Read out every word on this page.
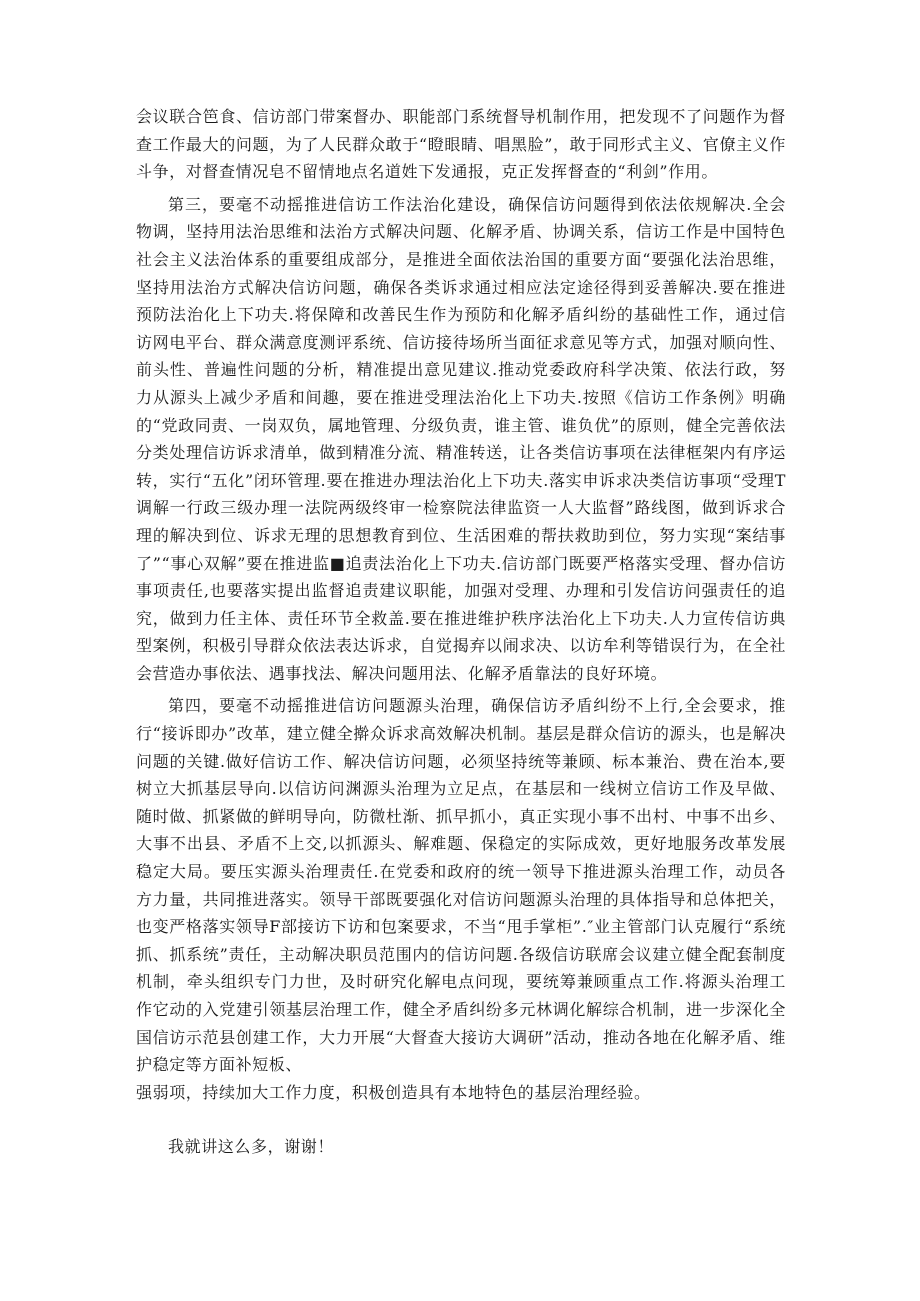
会议联合笆食、信访部门带案督办、职能部门系统督导机制作用，把发现不了问题作为督查工作最大的问题，为了人民群众敢于“瞪眼睛、唱黑脸”，敢于同形式主义、官僚主义作斗争，对督查情况皂不留情地点名道姓下发通报，克正发挥督查的“利剑”作用。

第三，要毫不动摇推进信访工作法治化建设，确保信访问题得到依法依规解决.全会物调，坚持用法治思维和法治方式解决问题、化解矛盾、协调关系，信访工作是中国特色社会主义法治体系的重要组成部分，是推进全面依法治国的重要方面“要强化法治思维，坚持用法治方式解决信访问题，确保各类诉求通过相应法定途径得到妥善解决.要在推进预防法治化上下功夫.将保障和改善民生作为预防和化解矛盾纠纷的基础性工作，通过信访网电平台、群众满意度测评系统、信访接待场所当面征求意见等方式，加强对顺向性、前头性、普遍性问题的分析，精准提出意见建议.推动党委政府科学决策、依法行政，努力从源头上减少矛盾和间趣，要在推进受理法治化上下功夫.按照《信访工作条例》明确的“党政同责、一岗双负，属地管理、分级负责，谁主管、谁负优”的原则，健全完善依法分类处理信访诉求清单，做到精准分流、精准转送，让各类信访事项在法律框架内有序运转，实行“五化”闭环管理.要在推进办理法治化上下功夫.落实申诉求决类信访事项“受理T调解一行政三级办理一法院两级终审一检察院法律监资一人大监督”路线图，做到诉求合理的解决到位、诉求无理的思想教育到位、生活困难的帮扶救助到位，努力实现“案结事了”“事心双解”要在推进监■追责法治化上下功夫.信访部门既要严格落实受理、督办信访事项责任,也要落实提出监督追责建议职能，加强对受理、办理和引发信访问强责任的追究，做到力任主体、责任环节全救盖.要在推进维护秩序法治化上下功夫.人力宣传信访典型案例，积极引导群众依法表达诉求，自觉揭弃以闹求决、以访牟利等错误行为，在全社会营造办事依法、遇事找法、解决问题用法、化解矛盾靠法的良好环境。

第四，要毫不动摇推进信访问题源头治理，确保信访矛盾纠纷不上行,全会要求，推行“接诉即办”改革，建立健全擀众诉求高效解决机制。基层是群众信访的源头，也是解决问题的关键.做好信访工作、解决信访问题，必须坚持统等兼顾、标本兼治、费在治本,要树立大抓基层导向.以信访问渊源头治理为立足点，在基层和一线树立信访工作及早做、随时做、抓紧做的鲜明导向，防微杜渐、抓早抓小，真正实现小事不出村、中事不出乡、大事不出县、矛盾不上交,以抓源头、解难题、保稳定的实际成效，更好地服务改革发展稳定大局。要压实源头治理责任.在党委和政府的统一领导下推进源头治理工作，动员各方力量，共同推进落实。领导干部既要强化对信访问题源头治理的具体指导和总体把关，也变严格落实领导F部接访下访和包案要求，不当“甩手掌柜”.″业主管部门认克履行“系统抓、抓系统”责任，主动解决职员范围内的信访问题.各级信访联席会议建立健全配套制度机制，牵头组织专门力世，及时研究化解电点问现，要统筹兼顾重点工作.将源头治理工作它动的入党建引领基层治理工作，健全矛盾纠纷多元林调化解综合机制，进一步深化全国信访示范县创建工作，大力开展“大督查大接访大调研”活动，推动各地在化解矛盾、维护稳定等方面补短板、

强弱项，持续加大工作力度，积极创造具有本地特色的基层治理经验。

我就讲这么多，谢谢！
